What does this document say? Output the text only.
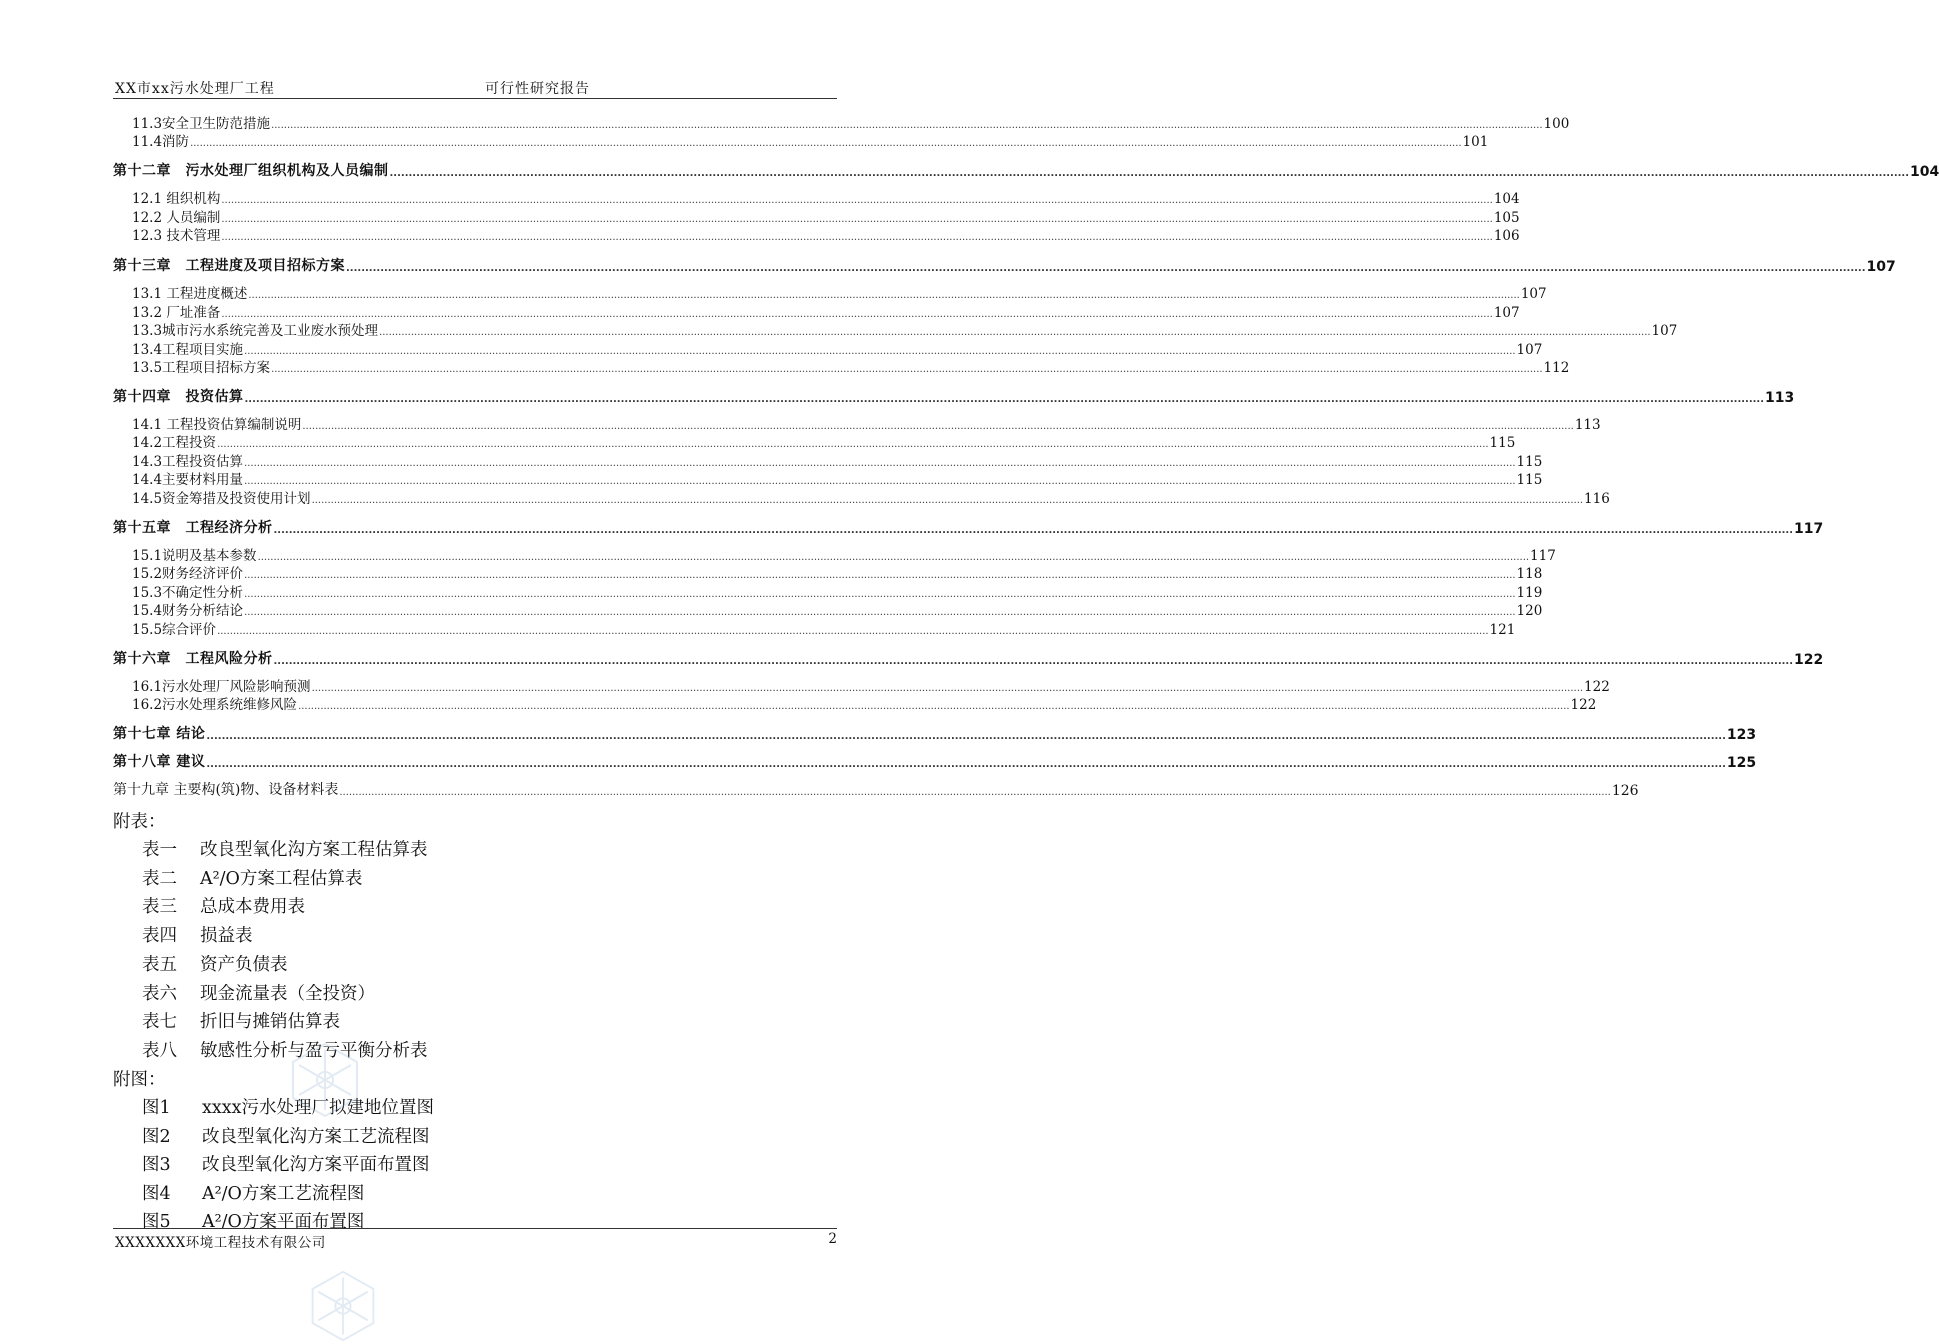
XX市xx污水处理厂工程	可行性研究报告
11.3安全卫生防范措施 ................................................................................................................................................................................................................................................................................................................................................................................................................ 100
11.4消防 ................................................................................................................................................................................................................................................................................................................................................................................................................ 101
第十二章　污水处理厂组织机构及人员编制 ................................................................................................................................................................................................................................................................................................................................................................................................................ 104
12.1 组织机构 ................................................................................................................................................................................................................................................................................................................................................................................................................ 104
12.2 人员编制 ................................................................................................................................................................................................................................................................................................................................................................................................................ 105
12.3 技术管理 ................................................................................................................................................................................................................................................................................................................................................................................................................ 106
第十三章　工程进度及项目招标方案 ................................................................................................................................................................................................................................................................................................................................................................................................................ 107
13.1 工程进度概述 ................................................................................................................................................................................................................................................................................................................................................................................................................ 107
13.2 厂址准备 ................................................................................................................................................................................................................................................................................................................................................................................................................ 107
13.3城市污水系统完善及工业废水预处理 ................................................................................................................................................................................................................................................................................................................................................................................................................ 107
13.4工程项目实施 ................................................................................................................................................................................................................................................................................................................................................................................................................ 107
13.5工程项目招标方案 ................................................................................................................................................................................................................................................................................................................................................................................................................ 112
第十四章　投资估算 ................................................................................................................................................................................................................................................................................................................................................................................................................ 113
14.1 工程投资估算编制说明 ................................................................................................................................................................................................................................................................................................................................................................................................................ 113
14.2工程投资 ................................................................................................................................................................................................................................................................................................................................................................................................................ 115
14.3工程投资估算 ................................................................................................................................................................................................................................................................................................................................................................................................................ 115
14.4主要材料用量 ................................................................................................................................................................................................................................................................................................................................................................................................................ 115
14.5资金筹措及投资使用计划 ................................................................................................................................................................................................................................................................................................................................................................................................................ 116
第十五章　工程经济分析 ................................................................................................................................................................................................................................................................................................................................................................................................................ 117
15.1说明及基本参数 ................................................................................................................................................................................................................................................................................................................................................................................................................ 117
15.2财务经济评价 ................................................................................................................................................................................................................................................................................................................................................................................................................ 118
15.3不确定性分析 ................................................................................................................................................................................................................................................................................................................................................................................................................ 119
15.4财务分析结论 ................................................................................................................................................................................................................................................................................................................................................................................................................ 120
15.5综合评价 ................................................................................................................................................................................................................................................................................................................................................................................................................ 121
第十六章　工程风险分析 ................................................................................................................................................................................................................................................................................................................................................................................................................ 122
16.1污水处理厂风险影响预测 ................................................................................................................................................................................................................................................................................................................................................................................................................ 122
16.2污水处理系统维修风险 ................................................................................................................................................................................................................................................................................................................................................................................................................ 122
第十七章 结论 ................................................................................................................................................................................................................................................................................................................................................................................................................ 123
第十八章 建议 ................................................................................................................................................................................................................................................................................................................................................................................................................ 125
第十九章 主要构(筑)物、设备材料表 ................................................................................................................................................................................................................................................................................................................................................................................................................ 126
附表：
表一 改良型氧化沟方案工程估算表
表二 A²/O方案工程估算表
表三 总成本费用表
表四 损益表
表五 资产负债表
表六 现金流量表（全投资）
表七 折旧与摊销估算表
表八 敏感性分析与盈亏平衡分析表
附图：
图1 xxxx污水处理厂拟建地位置图
图2 改良型氧化沟方案工艺流程图
图3 改良型氧化沟方案平面布置图
图4 A²/O方案工艺流程图
图5 A²/O方案平面布置图
XXXXXXX环境工程技术有限公司	2
